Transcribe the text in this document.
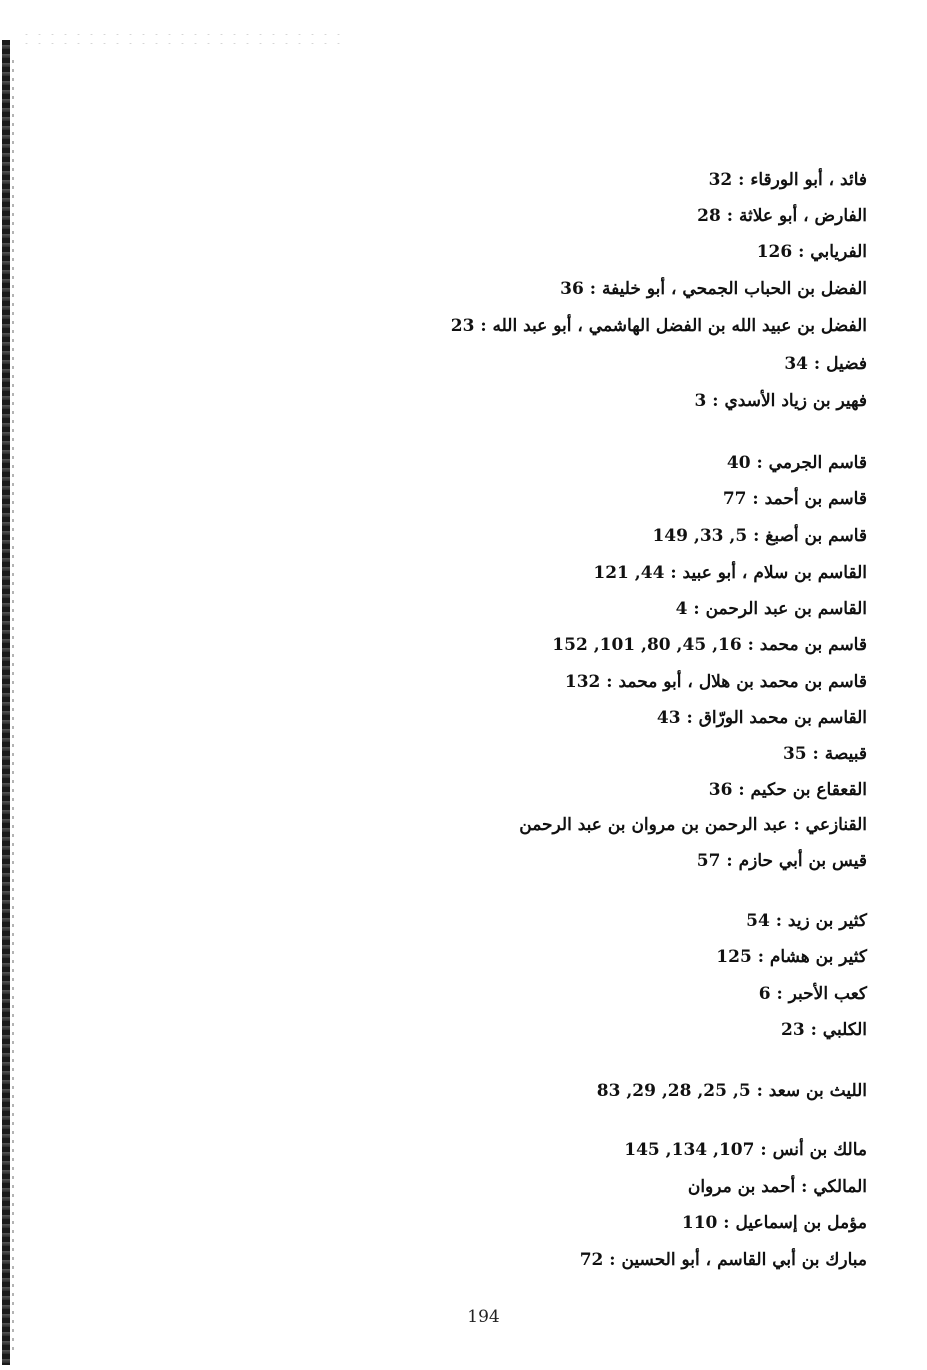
فائد ، أبو الورقاء : 32
الفارض ، أبو علاثة : 28
الفريابي : 126
الفضل بن الحباب الجمحي ، أبو خليفة : 36
الفضل بن عبيد الله بن الفضل الهاشمي ، أبو عبد الله : 23
فضيل : 34
فهير بن زياد الأسدي : 3
قاسم الجرمي : 40
قاسم بن أحمد : 77
قاسم بن أصبغ : 5, 33, 149
القاسم بن سلام ، أبو عبيد : 44, 121
القاسم بن عبد الرحمن : 4
قاسم بن محمد : 16, 45, 80, 101, 152
قاسم بن محمد بن هلال ، أبو محمد : 132
القاسم بن محمد الورّاق : 43
قبيصة : 35
القعقاع بن حكيم : 36
القنازعي : عبد الرحمن بن مروان بن عبد الرحمن
قيس بن أبي حازم : 57
كثير بن زيد : 54
كثير بن هشام : 125
كعب الأحبر : 6
الكلبي : 23
الليث بن سعد : 5, 25, 28, 29, 83
مالك بن أنس : 107, 134, 145
المالكي : أحمد بن مروان
مؤمل بن إسماعيل : 110
مبارك بن أبي القاسم ، أبو الحسين : 72
194
